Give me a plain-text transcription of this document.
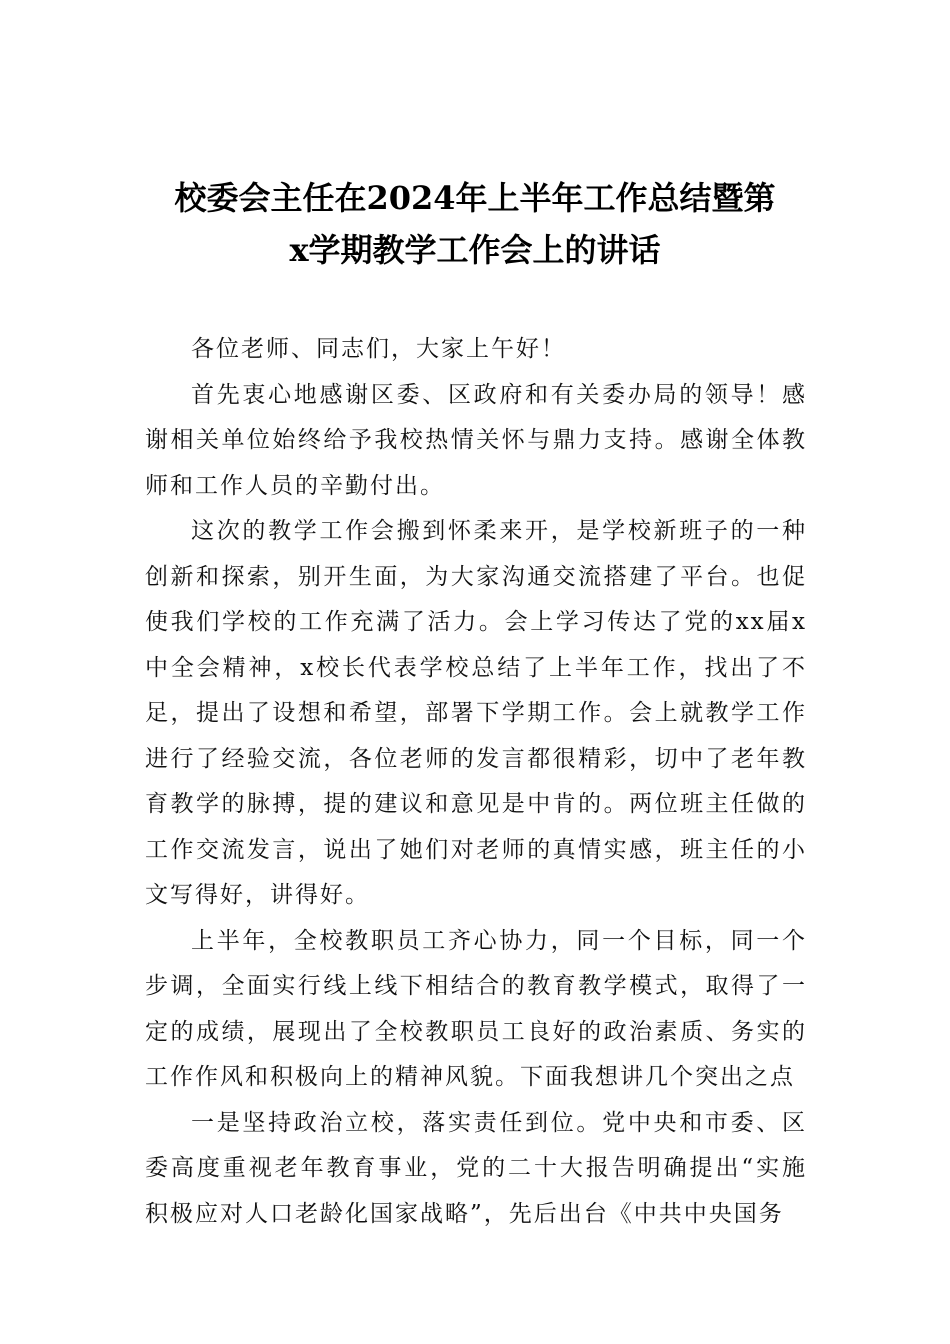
校委会主任在2024年上半年工作总结暨第
x学期教学工作会上的讲话

各位老师、同志们，大家上午好！

首先衷心地感谢区委、区政府和有关委办局的领导！感谢相关单位始终给予我校热情关怀与鼎力支持。感谢全体教师和工作人员的辛勤付出。

这次的教学工作会搬到怀柔来开，是学校新班子的一种创新和探索，别开生面，为大家沟通交流搭建了平台。也促使我们学校的工作充满了活力。会上学习传达了党的xx届x中全会精神，x校长代表学校总结了上半年工作，找出了不足，提出了设想和希望，部署下学期工作。会上就教学工作进行了经验交流，各位老师的发言都很精彩，切中了老年教育教学的脉搏，提的建议和意见是中肯的。两位班主任做的工作交流发言，说出了她们对老师的真情实感，班主任的小文写得好，讲得好。

上半年，全校教职员工齐心协力，同一个目标，同一个步调，全面实行线上线下相结合的教育教学模式，取得了一定的成绩，展现出了全校教职员工良好的政治素质、务实的工作作风和积极向上的精神风貌。下面我想讲几个突出之点

一是坚持政治立校，落实责任到位。党中央和市委、区委高度重视老年教育事业，党的二十大报告明确提出“实施积极应对人口老龄化国家战略”，先后出台《中共中央国务
